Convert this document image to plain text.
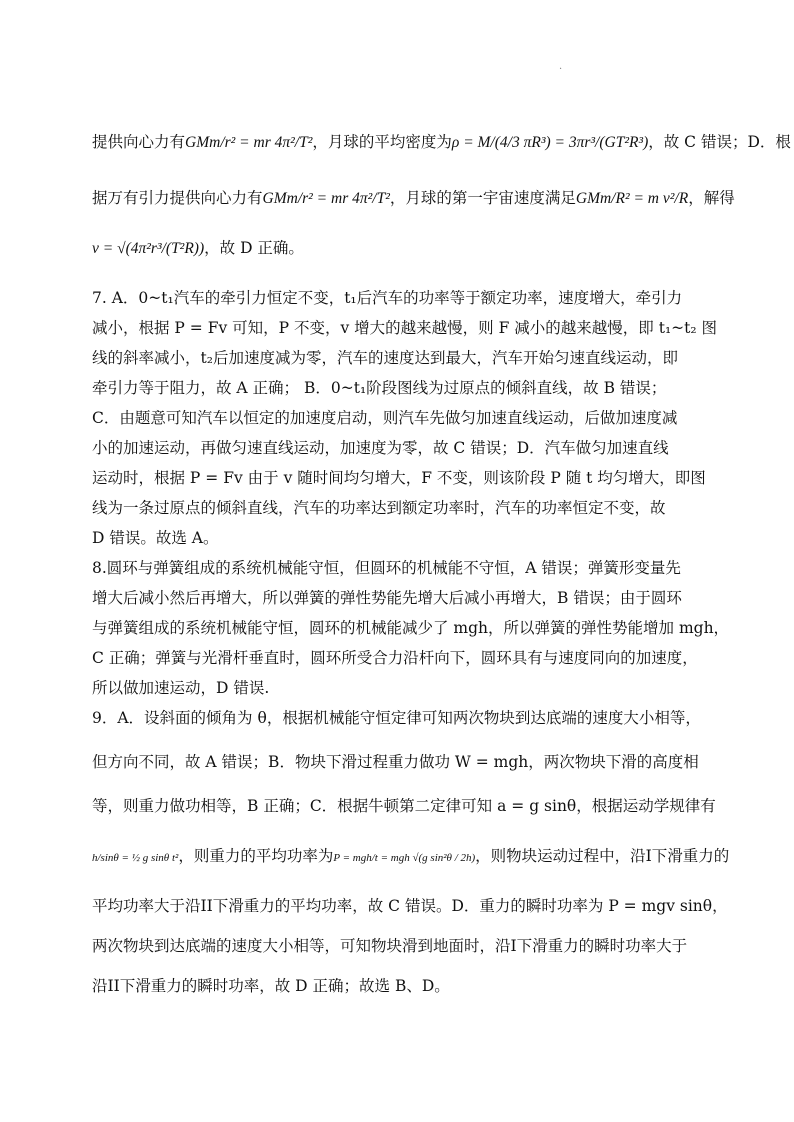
·
提供向心力有GMm/r² = mr 4π²/T²，月球的平均密度为ρ = M/(4/3 πR³) = 3πr³/(GT²R³)，故 C 错误；D．根
据万有引力提供向心力有GMm/r² = mr 4π²/T²，月球的第一宇宙速度满足GMm/R² = m v²/R，解得
v = √(4π²r³/(T²R))，故 D 正确。
7. A．0~t₁汽车的牵引力恒定不变，t₁后汽车的功率等于额定功率，速度增大，牵引力
减小，根据 P = Fv 可知，P 不变，v 增大的越来越慢，则 F 减小的越来越慢，即 t₁~t₂ 图
线的斜率减小，t₂后加速度减为零，汽车的速度达到最大，汽车开始匀速直线运动，即
牵引力等于阻力，故 A 正确； B．0~t₁阶段图线为过原点的倾斜直线，故 B 错误；
C．由题意可知汽车以恒定的加速度启动，则汽车先做匀加速直线运动，后做加速度减
小的加速运动，再做匀速直线运动，加速度为零，故 C 错误；D．汽车做匀加速直线
运动时，根据 P = Fv 由于 v 随时间均匀增大，F 不变，则该阶段 P 随 t 均匀增大，即图
线为一条过原点的倾斜直线，汽车的功率达到额定功率时，汽车的功率恒定不变，故
D 错误。故选 A。
8.圆环与弹簧组成的系统机械能守恒，但圆环的机械能不守恒，A 错误；弹簧形变量先
增大后减小然后再增大，所以弹簧的弹性势能先增大后减小再增大，B 错误；由于圆环
与弹簧组成的系统机械能守恒，圆环的机械能减少了 mgh，所以弹簧的弹性势能增加 mgh，
C 正确；弹簧与光滑杆垂直时，圆环所受合力沿杆向下，圆环具有与速度同向的加速度，
所以做加速运动，D 错误.
9．A．设斜面的倾角为 θ，根据机械能守恒定律可知两次物块到达底端的速度大小相等，
但方向不同，故 A 错误；B．物块下滑过程重力做功 W = mgh，两次物块下滑的高度相
等，则重力做功相等，B 正确；C．根据牛顿第二定律可知 a = g sinθ，根据运动学规律有
h/sinθ = ½ g sinθ t²，则重力的平均功率为P = mgh/t = mgh √(g sin²θ / 2h)，则物块运动过程中，沿I下滑重力的
平均功率大于沿II下滑重力的平均功率，故 C 错误。D．重力的瞬时功率为 P = mgv sinθ，
两次物块到达底端的速度大小相等，可知物块滑到地面时，沿I下滑重力的瞬时功率大于
沿II下滑重力的瞬时功率，故 D 正确；故选 B、D。
